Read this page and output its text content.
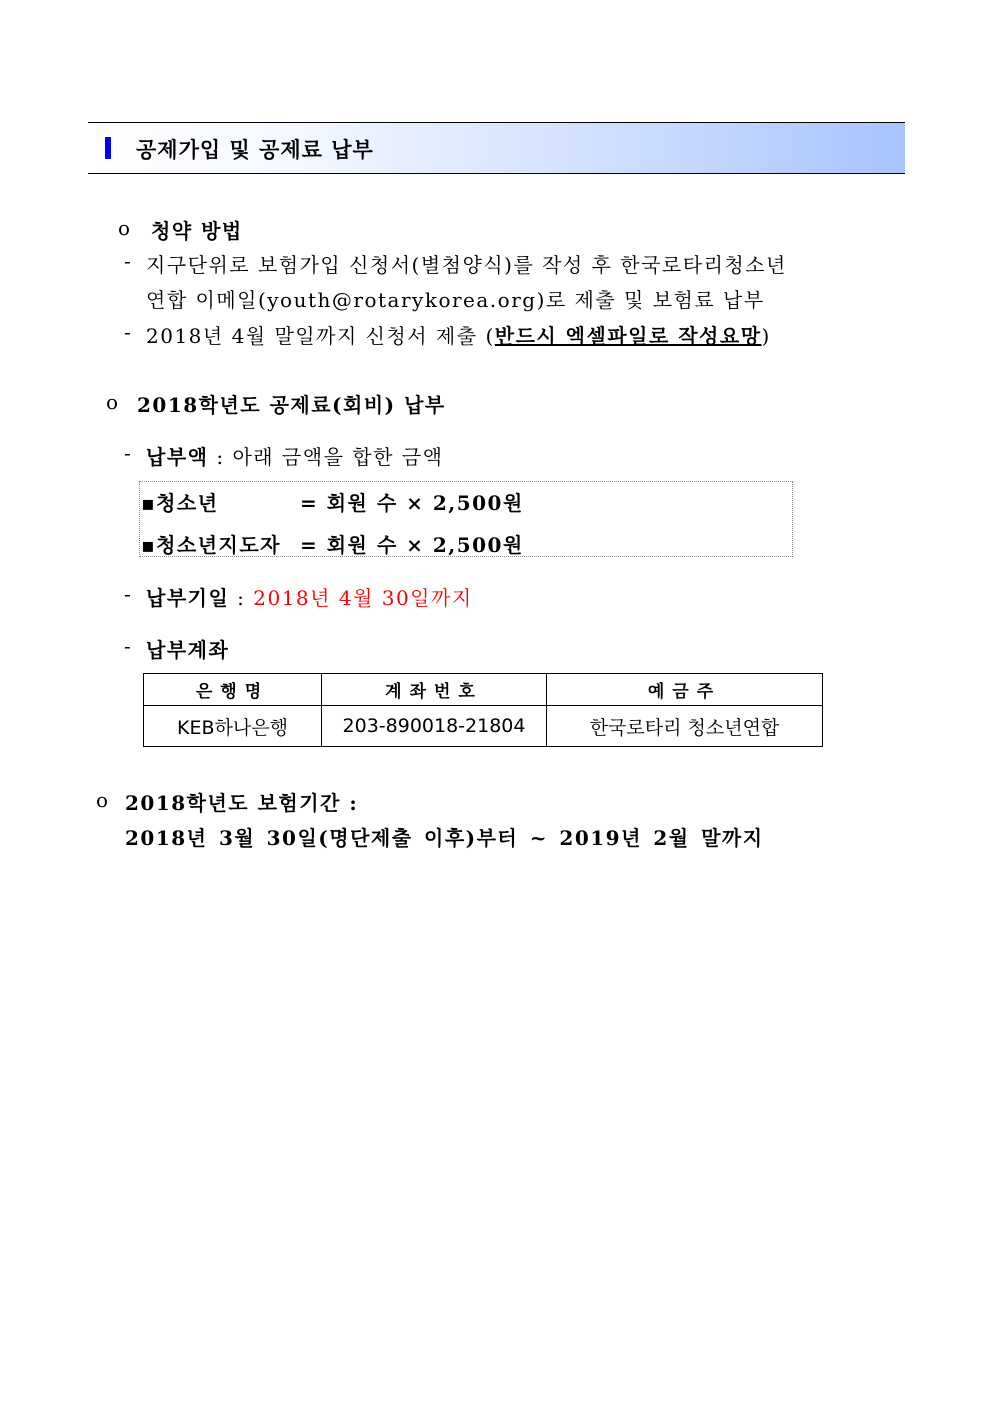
공제가입 및 공제료 납부
o 청약 방법
- 지구단위로 보험가입 신청서(별첨양식)를 작성 후 한국로타리청소년
연합 이메일(youth@rotarykorea.org)로 제출 및 보험료 납부
- 2018년 4월 말일까지 신청서 제출 (반드시 엑셀파일로 작성요망)
o 2018학년도 공제료(회비) 납부
- 납부액 : 아래 금액을 합한 금액
▪청소년	= 회원 수 × 2,500원
▪청소년지도자 = 회원 수 × 2,500원
- 납부기일 : 2018년 4월 30일까지
- 납부계좌
은행명	계좌번호	예금주
KEB하나은행	203-890018-21804	한국로타리 청소년연합
o 2018학년도 보험기간 :
2018년 3월 30일(명단제출 이후)부터 ~ 2019년 2월 말까지
